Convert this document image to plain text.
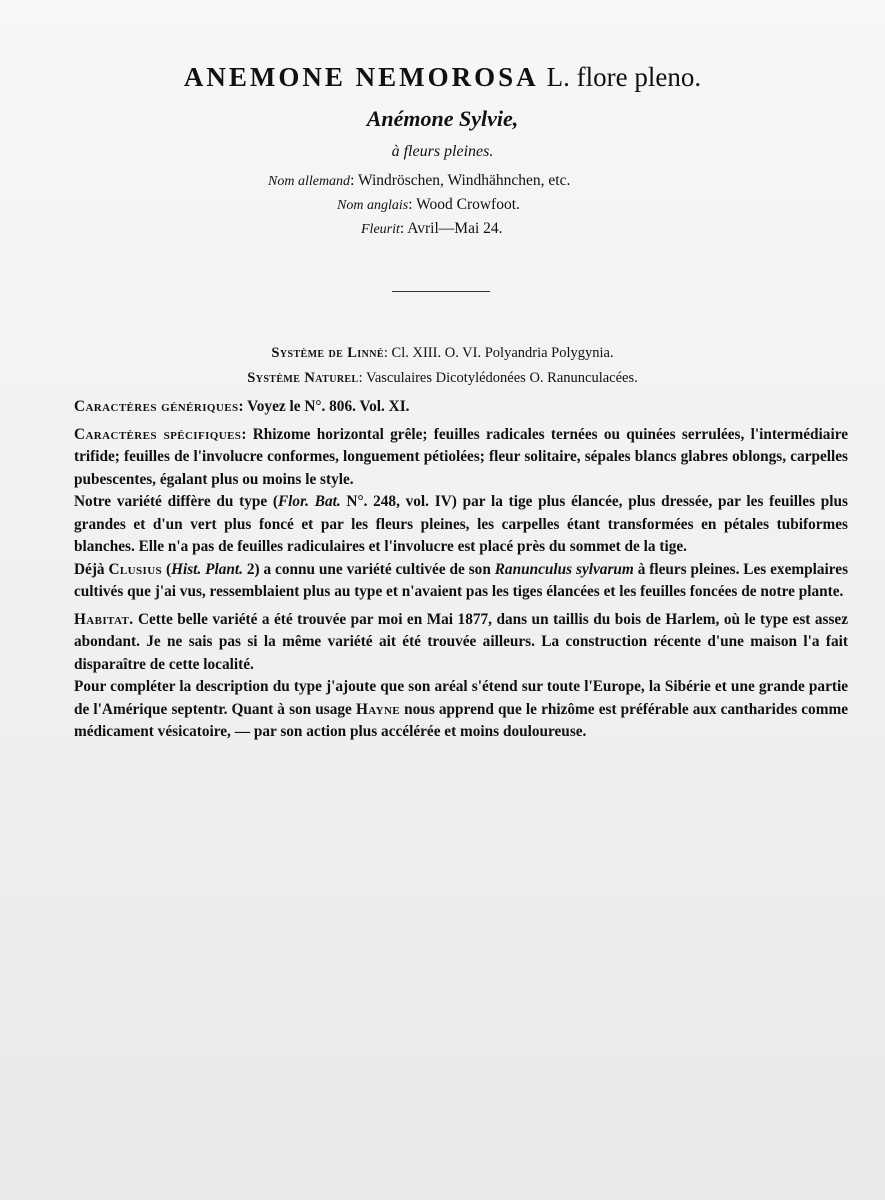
ANEMONE NEMOROSA L. flore pleno.
Anémone Sylvie,
à fleurs pleines.
Nom allemand: Windröschen, Windhähnchen, etc.
Nom anglais: Wood Crowfoot.
Fleurit: Avril—Mai 24.
Système de Linné: Cl. XIII. O. VI. Polyandria Polygynia.
Système Naturel: Vasculaires Dicotylédonées O. Ranunculacées.

Caractères génériques: Voyez le N°. 806. Vol. XI.

Caractères spécifiques: Rhizome horizontal grêle; feuilles radicales ternées ou quinées serrulées, l'intermédiaire trifide; feuilles de l'involucre conformes, longuement pétiolées; fleur solitaire, sépales blancs glabres oblongs, carpelles pubescentes, égalant plus ou moins le style.

Notre variété diffère du type (Flor. Bat. N°. 248, vol. IV) par la tige plus élancée, plus dressée, par les feuilles plus grandes et d'un vert plus foncé et par les fleurs pleines, les carpelles étant transformées en pétales tubiformes blanches. Elle n'a pas de feuilles radiculaires et l'involucre est placé près du sommet de la tige.

Déjà Clusius (Hist. Plant. 2) a connu une variété cultivée de son Ranunculus sylvarum à fleurs pleines. Les exemplaires cultivés que j'ai vus, ressemblaient plus au type et n'avaient pas les tiges élancées et les feuilles foncées de notre plante.

Habitat. Cette belle variété a été trouvée par moi en Mai 1877, dans un taillis du bois de Harlem, où le type est assez abondant. Je ne sais pas si la même variété ait été trouvée ailleurs. La construction récente d'une maison l'a fait disparaître de cette localité.

Pour compléter la description du type j'ajoute que son aréal s'étend sur toute l'Europe, la Sibérie et une grande partie de l'Amérique septentr. Quant à son usage Hayne nous apprend que le rhizôme est préférable aux cantharides comme médicament vésicatoire, — par son action plus accélérée et moins douloureuse.
